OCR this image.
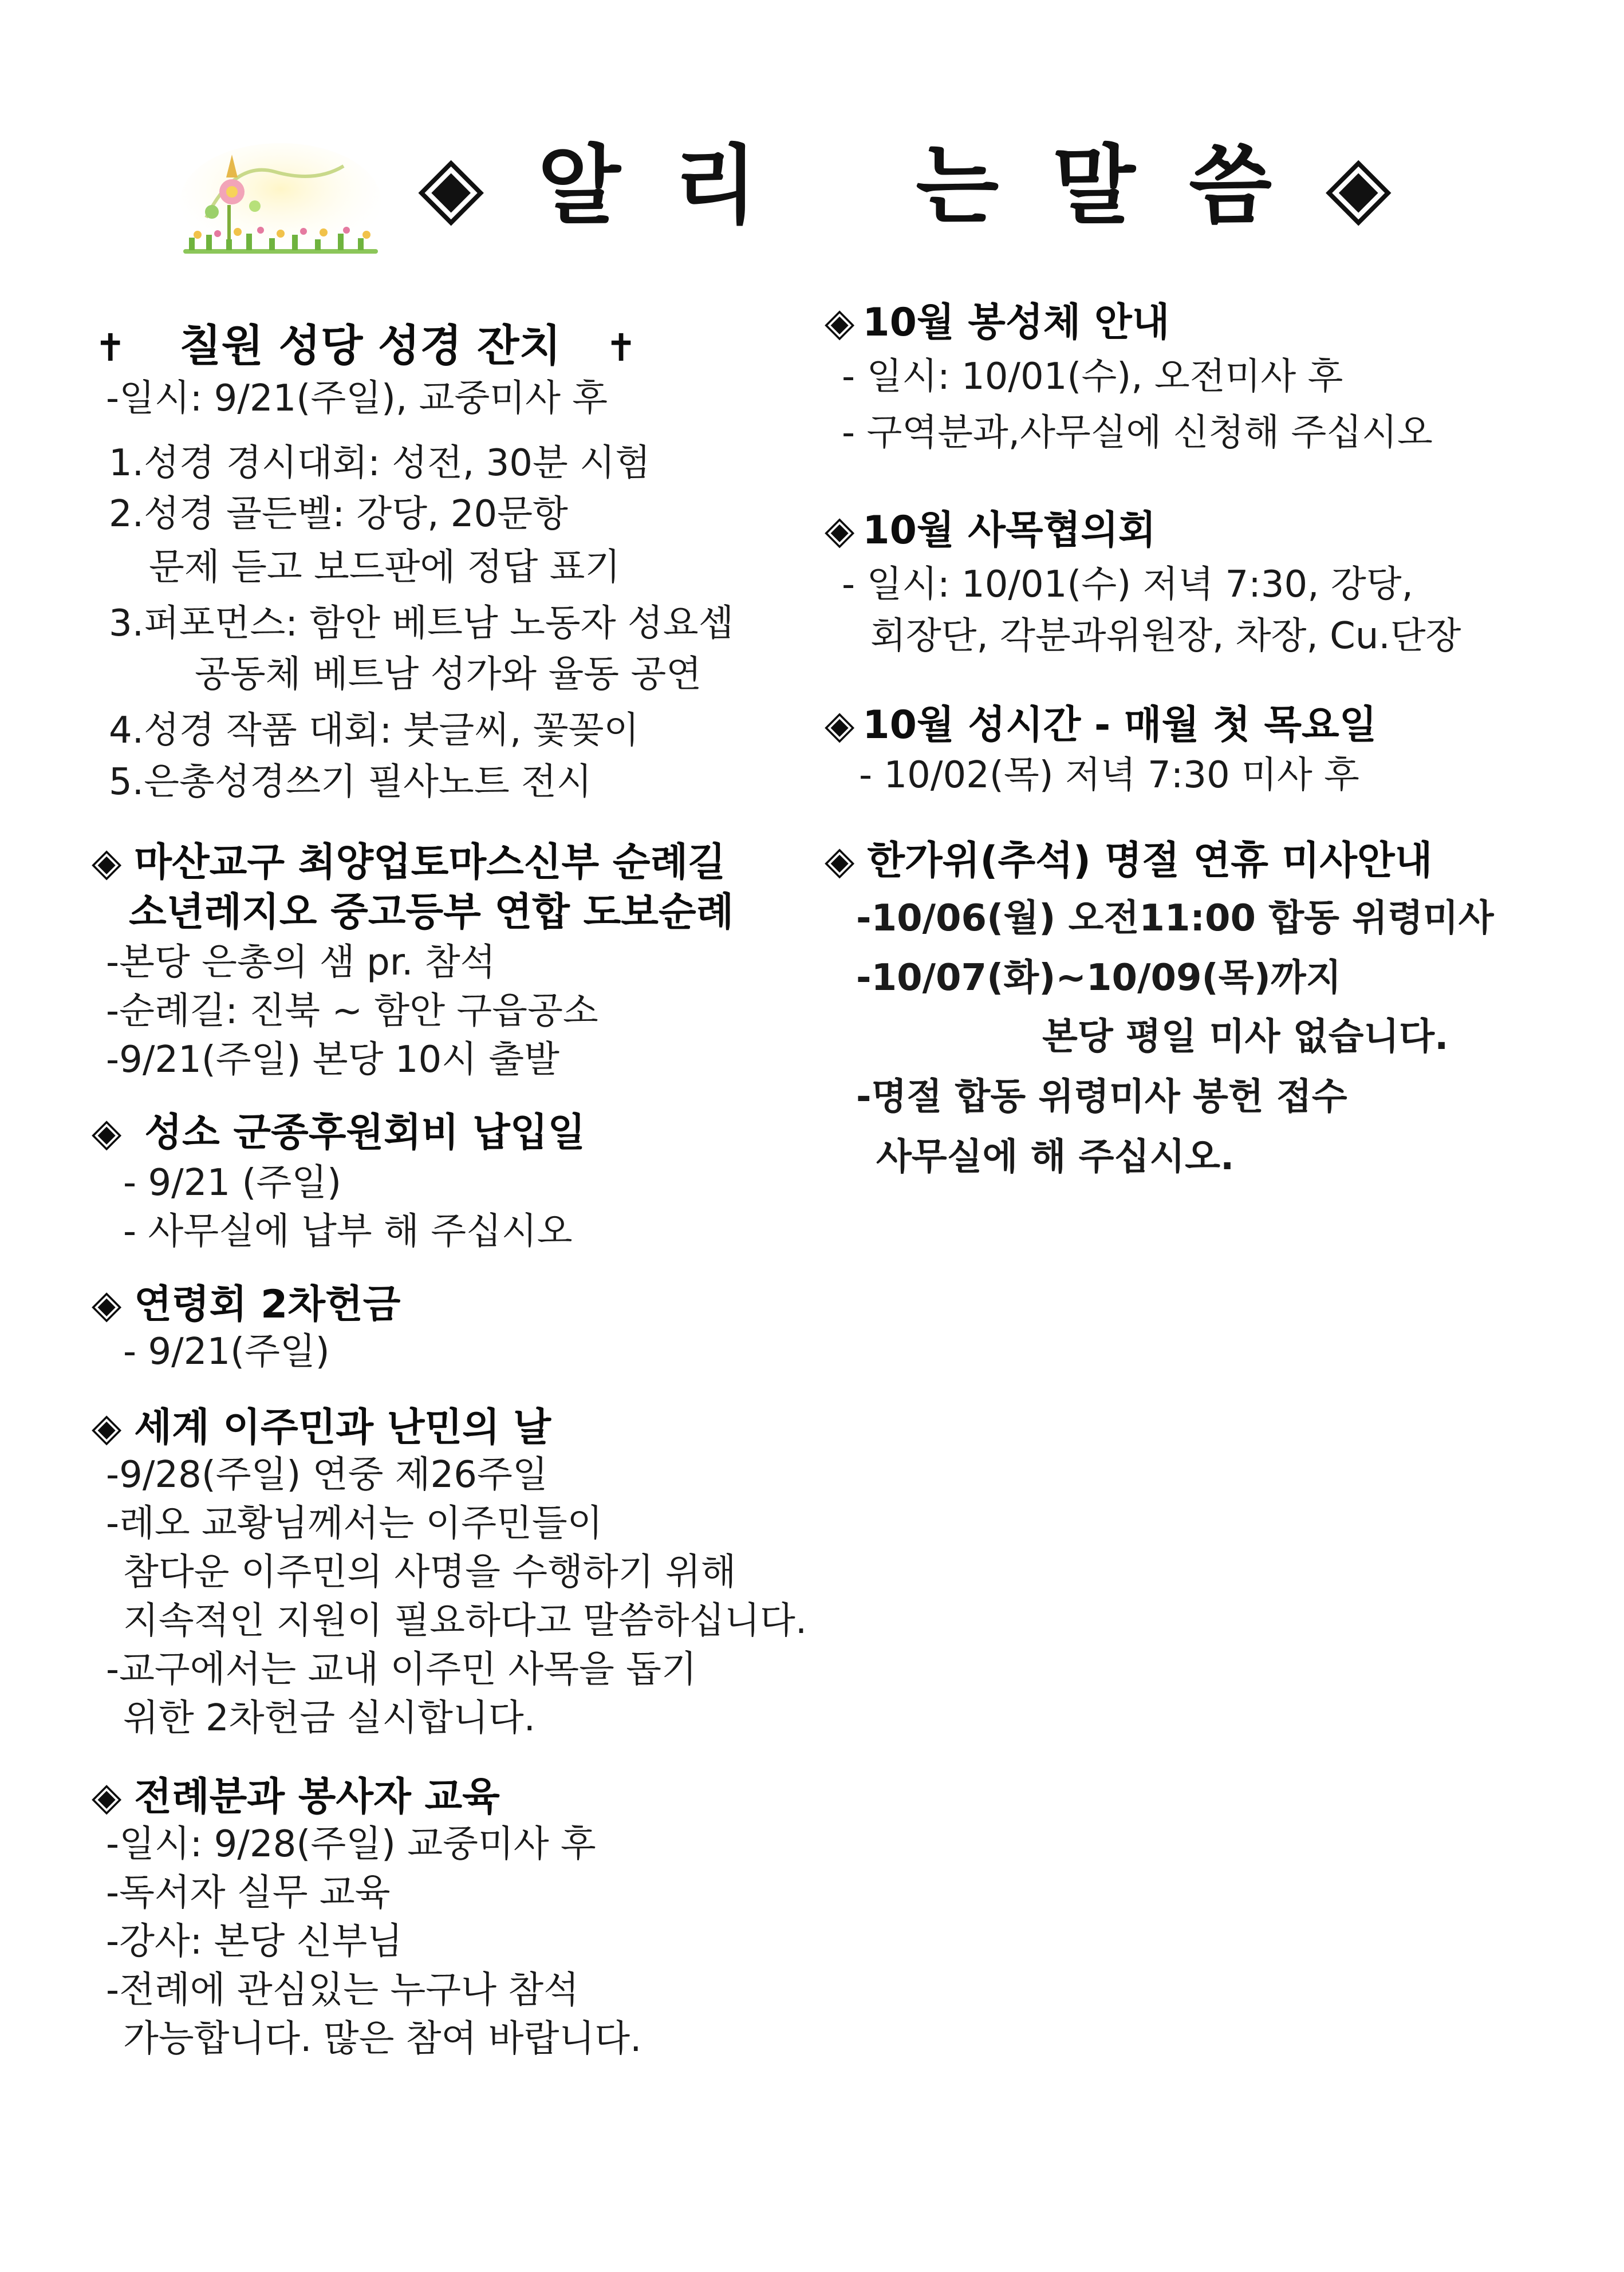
◈ 알 리 는 말 씀 ◈
✝ 칠원 성당 성경 잔치 ✝
-일시: 9/21(주일), 교중미사 후
1.성경 경시대회: 성전, 30분 시험
2.성경 골든벨: 강당, 20문항
문제 듣고 보드판에 정답 표기
3.퍼포먼스: 함안 베트남 노동자 성요셉
공동체 베트남 성가와 율동 공연
4.성경 작품 대회: 붓글씨, 꽃꽂이
5.은총성경쓰기 필사노트 전시
◈ 마산교구 최양업토마스신부 순례길
소년레지오 중고등부 연합 도보순례
-본당 은총의 샘 pr. 참석
-순례길: 진북 ~ 함안 구읍공소
-9/21(주일) 본당 10시 출발
◈ 성소 군종후원회비 납입일
- 9/21 (주일)
- 사무실에 납부 해 주십시오
◈ 연령회 2차헌금
- 9/21(주일)
◈ 세계 이주민과 난민의 날
-9/28(주일) 연중 제26주일
-레오 교황님께서는 이주민들이
참다운 이주민의 사명을 수행하기 위해
지속적인 지원이 필요하다고 말씀하십니다.
-교구에서는 교내 이주민 사목을 돕기
위한 2차헌금 실시합니다.
◈ 전례분과 봉사자 교육
-일시: 9/28(주일) 교중미사 후
-독서자 실무 교육
-강사: 본당 신부님
-전례에 관심있는 누구나 참석
가능합니다. 많은 참여 바랍니다.
◈ 10월 봉성체 안내
- 일시: 10/01(수), 오전미사 후
- 구역분과,사무실에 신청해 주십시오
◈ 10월 사목협의회
- 일시: 10/01(수) 저녁 7:30, 강당,
회장단, 각분과위원장, 차장, Cu.단장
◈ 10월 성시간 - 매월 첫 목요일
- 10/02(목) 저녁 7:30 미사 후
◈ 한가위(추석) 명절 연휴 미사안내
-10/06(월) 오전11:00 합동 위령미사
-10/07(화)~10/09(목)까지
본당 평일 미사 없습니다.
-명절 합동 위령미사 봉헌 접수
사무실에 해 주십시오.
